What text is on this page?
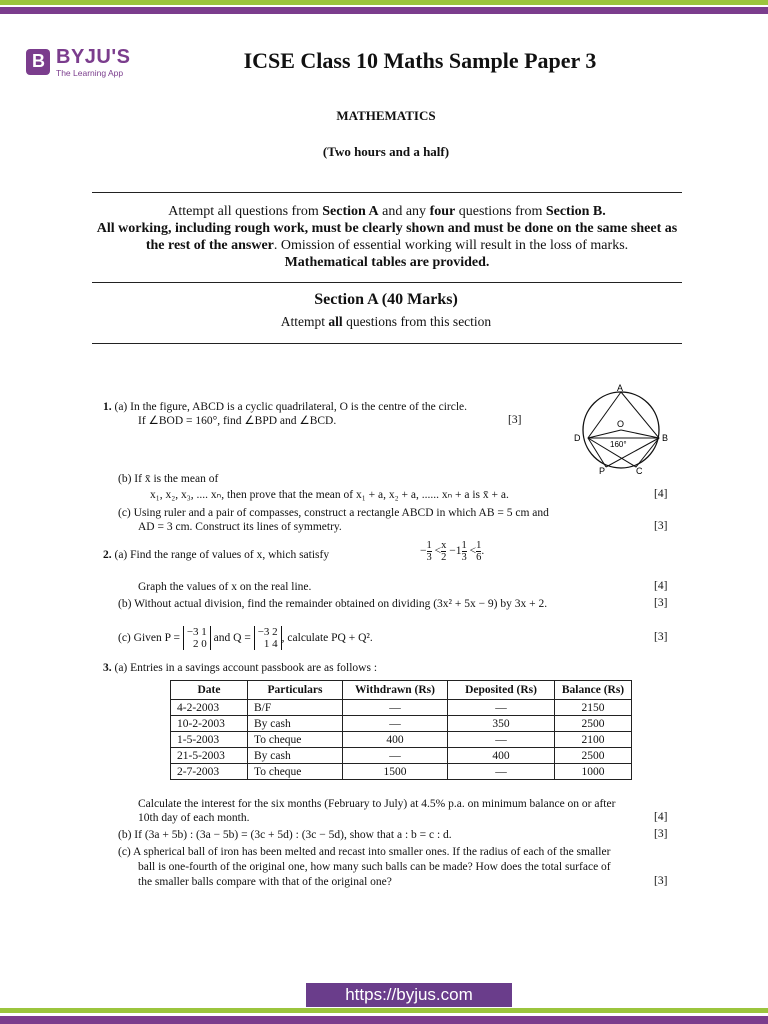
B BYJU'S
The Learning App	ICSE Class 10 Maths Sample Paper 3
MATHEMATICS
(Two hours and a half)
Attempt all questions from Section A and any four questions from Section B.
All working, including rough work, must be clearly shown and must be done on the same sheet as the rest of the answer. Omission of essential working will result in the loss of marks.
Mathematical tables are provided.
Section A (40 Marks)
Attempt all questions from this section
1. (a) In the figure, ABCD is a cyclic quadrilateral, O is the centre of the circle.
If ∠BOD = 160°, find ∠BPD and ∠BCD.	[3]
A
O
160°
D	B
P	C
(b) If x̄ is the mean of
x₁, x₂, x₃, .... xₙ, then prove that the mean of x₁ + a, x₂ + a, ...... xₙ + a is x̄ + a.	[4]
(c) Using ruler and a pair of compasses, construct a rectangle ABCD in which AB = 5 cm and
AD = 3 cm. Construct its lines of symmetry.	[3]
2. (a) Find the range of values of x, which satisfy	− $\frac{1}{3} < \frac{x}{2} -1 \frac{1}{3} < \frac{1}{6}$ .
Graph the values of x on the real line.	[4]
(b) Without actual division, find the remainder obtained on dividing (3x² + 5x − 9) by 3x + 2.	[3]
(c) Given P = −3 1
2 0
and Q = −3 2
1 4
, calculate PQ + Q².	[3]
3. (a) Entries in a savings account passbook are as follows :
Date	Particulars	Withdrawn (Rs)	Deposited (Rs)	Balance (Rs)
4-2-2003	B/F	—	—	2150
10-2-2003	By cash	—	350	2500
1-5-2003	To cheque	400	—	2100
21-5-2003	By cash	—	400	2500
2-7-2003	To cheque	1500	—	1000
Calculate the interest for the six months (February to July) at 4.5% p.a. on minimum balance on or after
10th day of each month.	[4]
(b) If (3a + 5b) : (3a − 5b) = (3c + 5d) : (3c − 5d), show that a : b = c : d.	[3]
(c) A spherical ball of iron has been melted and recast into smaller ones. If the radius of each of the smaller
ball is one-fourth of the original one, how many such balls can be made? How does the total surface of
the smaller balls compare with that of the original one?	[3]
https://byjus.com
